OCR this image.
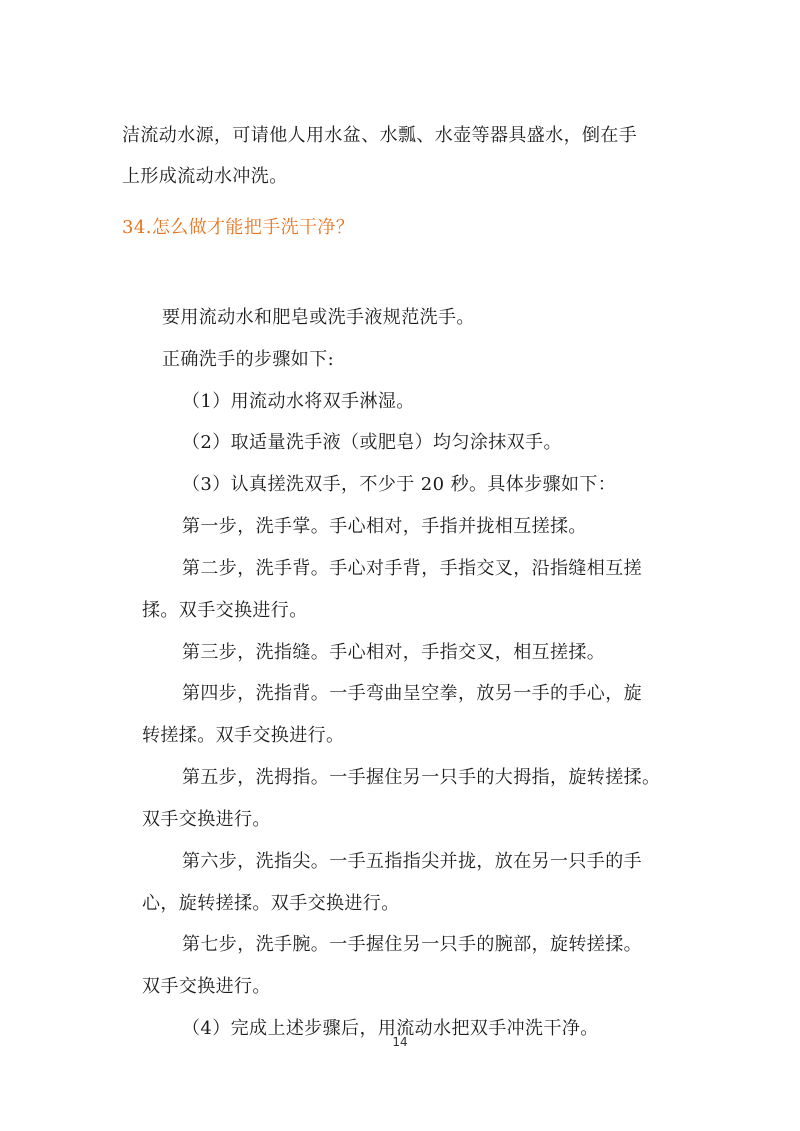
洁流动水源，可请他人用水盆、水瓢、水壶等器具盛水，倒在手

上形成流动水冲洗。

34.怎么做才能把手洗干净？

要用流动水和肥皂或洗手液规范洗手。

正确洗手的步骤如下:

（1）用流动水将双手淋湿。

（2）取适量洗手液（或肥皂）均匀涂抹双手。

（3）认真搓洗双手，不少于 20 秒。具体步骤如下：

第一步，洗手掌。手心相对，手指并拢相互搓揉。

第二步，洗手背。手心对手背，手指交叉，沿指缝相互搓

揉。双手交换进行。

第三步，洗指缝。手心相对，手指交叉，相互搓揉。

第四步，洗指背。一手弯曲呈空拳，放另一手的手心，旋

转搓揉。双手交换进行。

第五步，洗拇指。一手握住另一只手的大拇指，旋转搓揉。

双手交换进行。

第六步，洗指尖。一手五指指尖并拢，放在另一只手的手

心，旋转搓揉。双手交换进行。

第七步，洗手腕。一手握住另一只手的腕部，旋转搓揉。

双手交换进行。

（4）完成上述步骤后，用流动水把双手冲洗干净。

14
